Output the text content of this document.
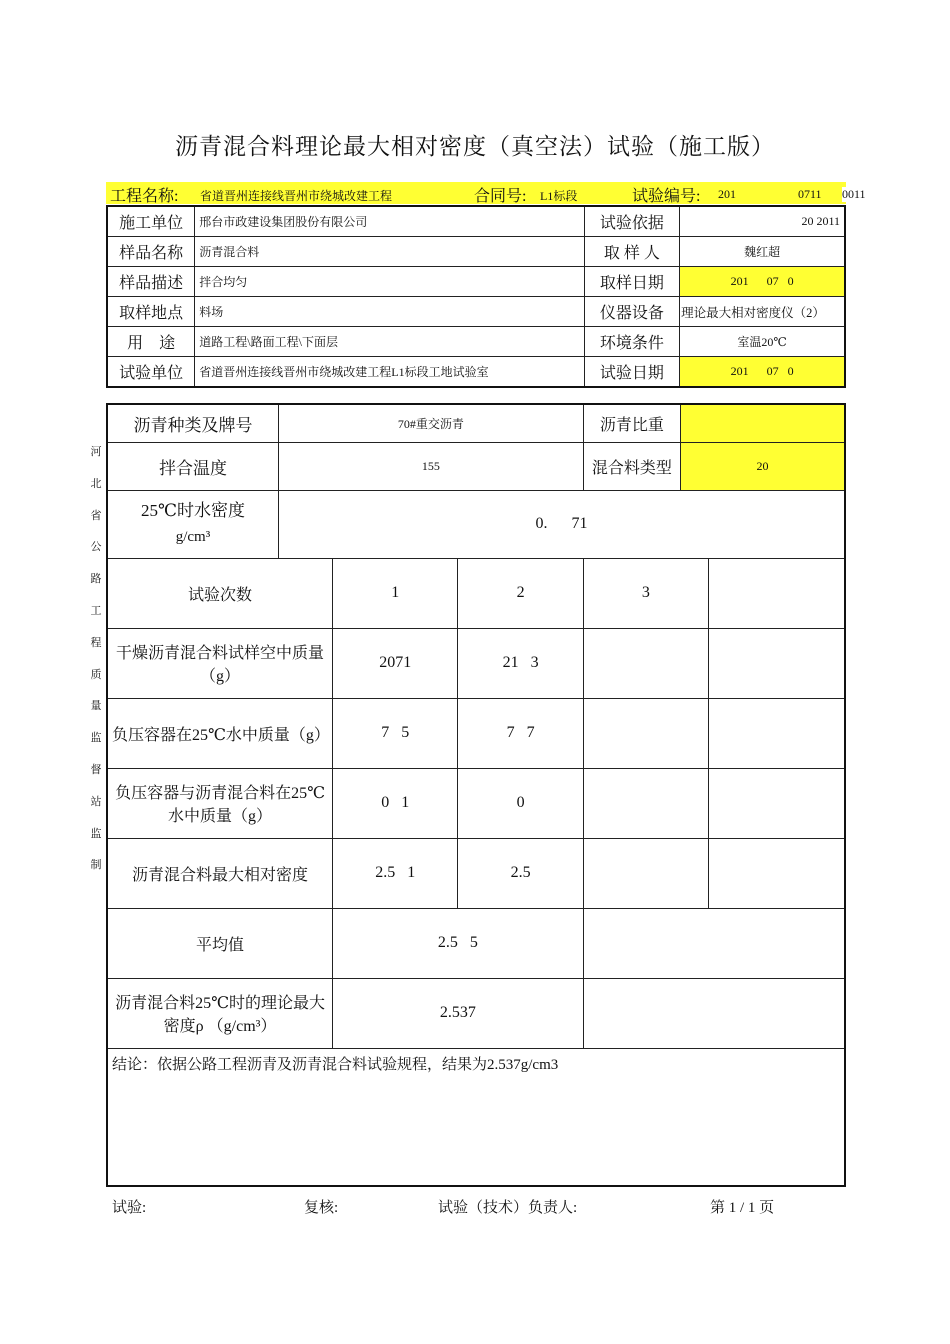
沥青混合料理论最大相对密度（真空法）试验（施工版）
工程名称: 省道晋州连接线晋州市绕城改建工程	合同号: L1标段	试验编号: 201	0711 0011
施工单位	邢台市政建设集团股份有限公司	试验依据	20 2011
样品名称	沥青混合料	取 样 人	魏红超
样品描述	拌合均匀	取样日期	201      07   0
取样地点	料场	仪器设备	理论最大相对密度仪（2）
用    途	道路工程\路面工程\下面层	环境条件	室温20℃
试验单位	省道晋州连接线晋州市绕城改建工程L1标段工地试验室	试验日期	201      07   0
河
北
省
公
路
工
程
质
量
监
督
站
监
制
沥青种类及牌号	70#重交沥青			沥青比重		
拌合温度	155			混合料类型	20	

25℃时水密度
g/cm³	0.      71					
试验次数		1	2	3		
干燥沥青混合料试样空中质量（g）		2071	21   3			
负压容器在25℃水中质量（g）		7   5	7   7			
负压容器与沥青混合料在25℃水中质量（g）		0   1	0			
沥青混合料最大相对密度		2.5   1	2.5			
平均值		2.5   5				
沥青混合料25℃时的理论最大密度ρ （g/cm³）		2.537				
结论：依据公路工程沥青及沥青混合料试验规程，结果为2.537g/cm3						
试验:	复核:	试验（技术）负责人:	第 1 / 1 页
